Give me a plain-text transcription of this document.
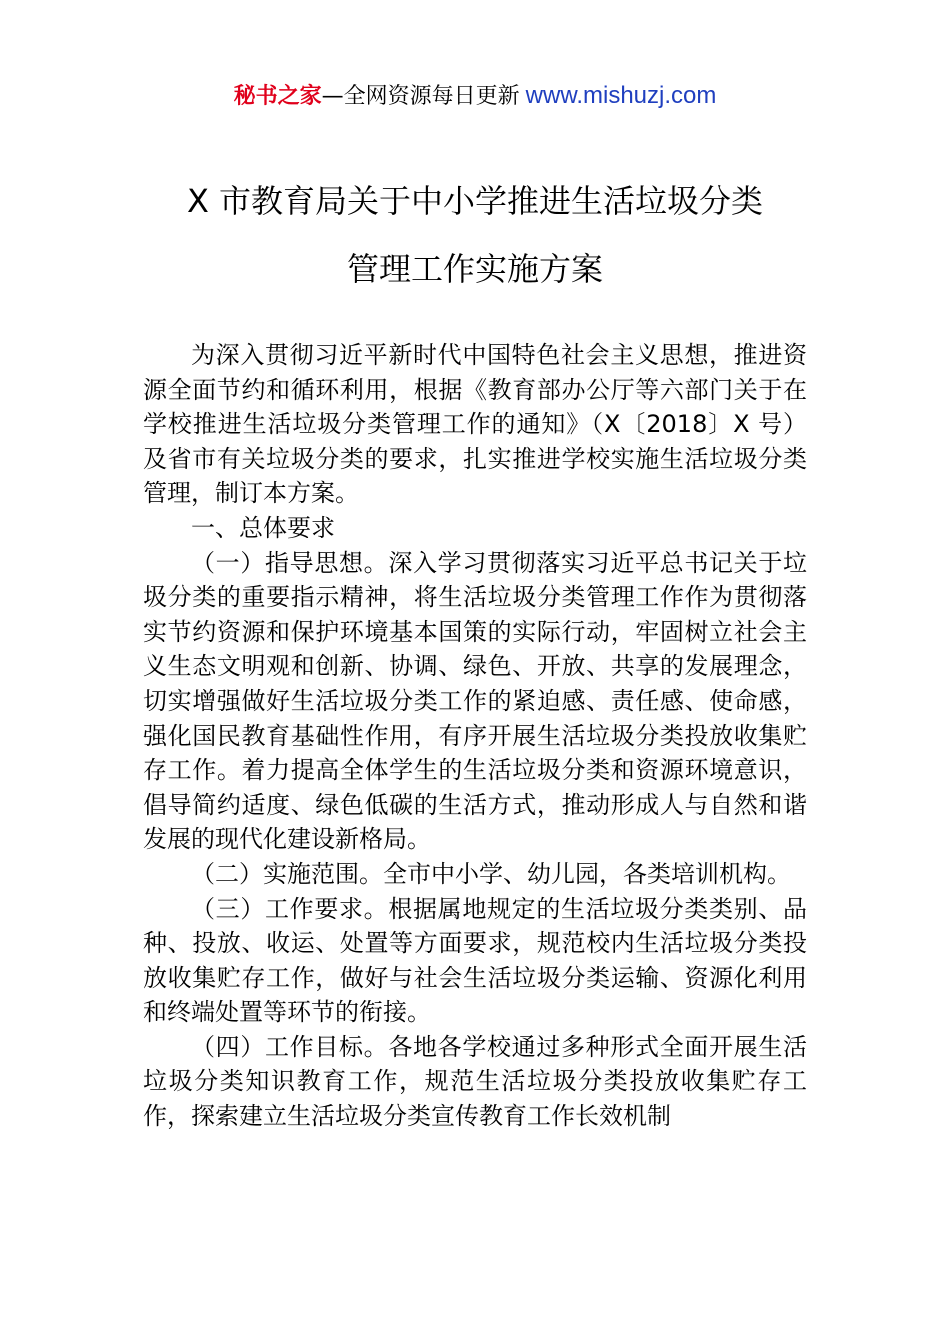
秘书之家—全网资源每日更新 www.mishuzj.com
X 市教育局关于中小学推进生活垃圾分类
管理工作实施方案

为深入贯彻习近平新时代中国特色社会主义思想，推进资源全面节约和循环利用，根据《教育部办公厅等六部门关于在学校推进生活垃圾分类管理工作的通知》（X〔2018〕X 号）及省市有关垃圾分类的要求，扎实推进学校实施生活垃圾分类管理，制订本方案。

一、总体要求

（一）指导思想。深入学习贯彻落实习近平总书记关于垃圾分类的重要指示精神，将生活垃圾分类管理工作作为贯彻落实节约资源和保护环境基本国策的实际行动，牢固树立社会主义生态文明观和创新、协调、绿色、开放、共享的发展理念，切实增强做好生活垃圾分类工作的紧迫感、责任感、使命感，强化国民教育基础性作用，有序开展生活垃圾分类投放收集贮存工作。着力提高全体学生的生活垃圾分类和资源环境意识，倡导简约适度、绿色低碳的生活方式，推动形成人与自然和谐发展的现代化建设新格局。

（二）实施范围。全市中小学、幼儿园，各类培训机构。

（三）工作要求。根据属地规定的生活垃圾分类类别、品种、投放、收运、处置等方面要求，规范校内生活垃圾分类投放收集贮存工作，做好与社会生活垃圾分类运输、资源化利用和终端处置等环节的衔接。

（四）工作目标。各地各学校通过多种形式全面开展生活垃圾分类知识教育工作，规范生活垃圾分类投放收集贮存工作，探索建立生活垃圾分类宣传教育工作长效机制
